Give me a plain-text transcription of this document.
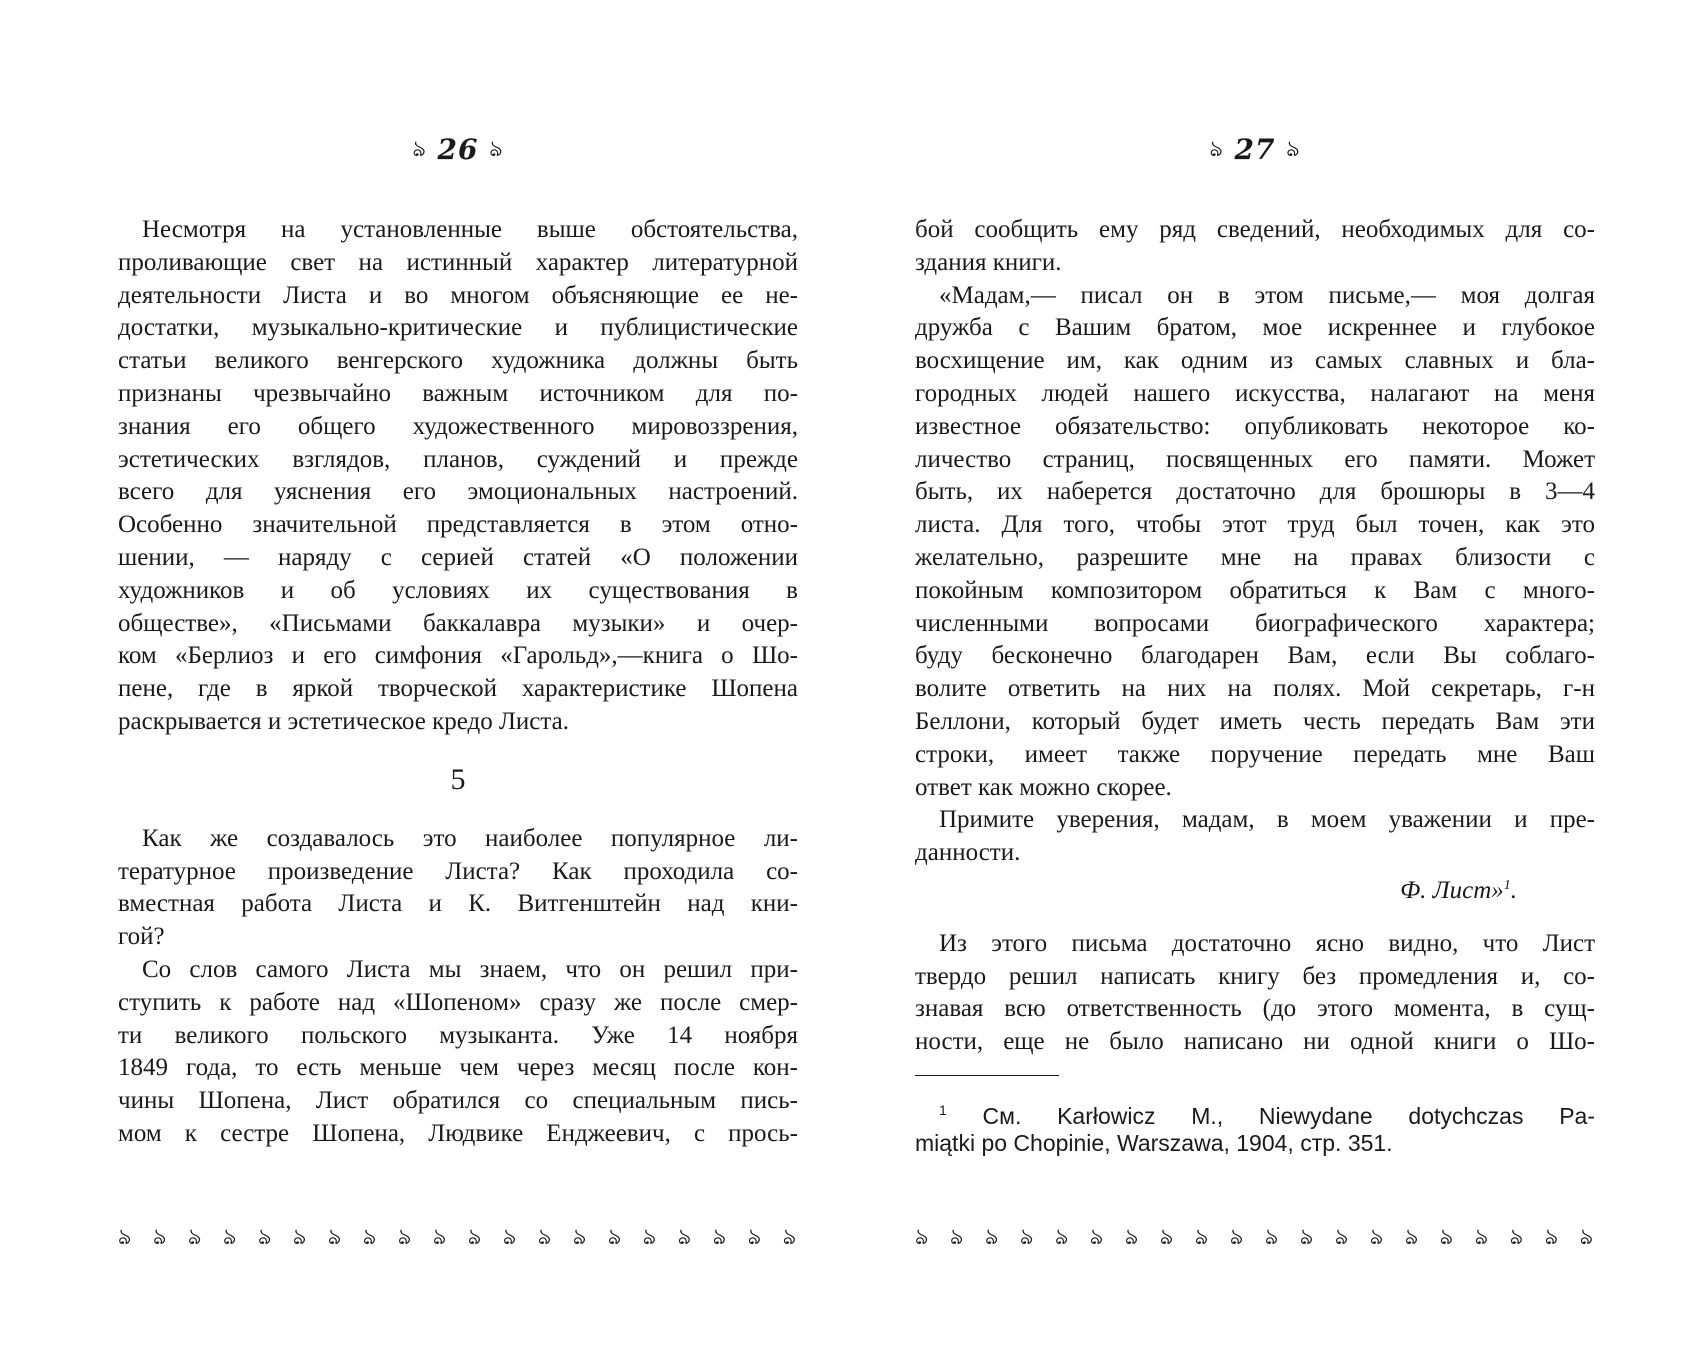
ঌ 26 ঌ
Несмотря на установленные выше обстоятельства,
проливающие свет на истинный характер литературной
деятельности Листа и во многом объясняющие ее не-
достатки, музыкально-критические и публицистические
статьи великого венгерского художника должны быть
признаны чрезвычайно важным источником для по-
знания его общего художественного мировоззрения,
эстетических взглядов, планов, суждений и прежде
всего для уяснения его эмоциональных настроений.
Особенно значительной представляется в этом отно-
шении, — наряду с серией статей «О положении
художников и об условиях их существования в
обществе», «Письмами баккалавра музыки» и очер-
ком «Берлиоз и его симфония «Гарольд»,—книга о Шо-
пене, где в яркой творческой характеристике Шопена
раскрывается и эстетическое кредо Листа.
5
Как же создавалось это наиболее популярное ли-
тературное произведение Листа? Как проходила со-
вместная работа Листа и К. Витгенштейн над кни-
гой?
Со слов самого Листа мы знаем, что он решил при-
ступить к работе над «Шопеном» сразу же после смер-
ти великого польского музыканта. Уже 14 ноября
1849 года, то есть меньше чем через месяц после кон-
чины Шопена, Лист обратился со специальным пись-
мом к сестре Шопена, Людвике Енджеевич, с прось-
ঌ ঌ ঌ ঌ ঌ ঌ ঌ ঌ ঌ ঌ ঌ ঌ ঌ ঌ ঌ ঌ ঌ ঌ ঌ ঌ
ঌ 27 ঌ
бой сообщить ему ряд сведений, необходимых для со-
здания книги.
«Мадам,— писал он в этом письме,— моя долгая
дружба с Вашим братом, мое искреннее и глубокое
восхищение им, как одним из самых славных и бла-
городных людей нашего искусства, налагают на меня
известное обязательство: опубликовать некоторое ко-
личество страниц, посвященных его памяти. Может
быть, их наберется достаточно для брошюры в 3—4
листа. Для того, чтобы этот труд был точен, как это
желательно, разрешите мне на правах близости с
покойным композитором обратиться к Вам с много-
численными вопросами биографического характера;
буду бесконечно благодарен Вам, если Вы соблаго-
волите ответить на них на полях. Мой секретарь, г-н
Беллони, который будет иметь честь передать Вам эти
строки, имеет также поручение передать мне Ваш
ответ как можно скорее.
Примите уверения, мадам, в моем уважении и пре-
данности.
Ф. Лист»$^1$.
Из этого письма достаточно ясно видно, что Лист
твердо решил написать книгу без промедления и, со-
знавая всю ответственность (до этого момента, в сущ-
ности, еще не было написано ни одной книги о Шо-
$^1$ См. Karłowicz M., Niewydane dotychczas Pa-
miątki po Chopinie, Warszawa, 1904, стр. 351.
ঌ ঌ ঌ ঌ ঌ ঌ ঌ ঌ ঌ ঌ ঌ ঌ ঌ ঌ ঌ ঌ ঌ ঌ ঌ ঌ
